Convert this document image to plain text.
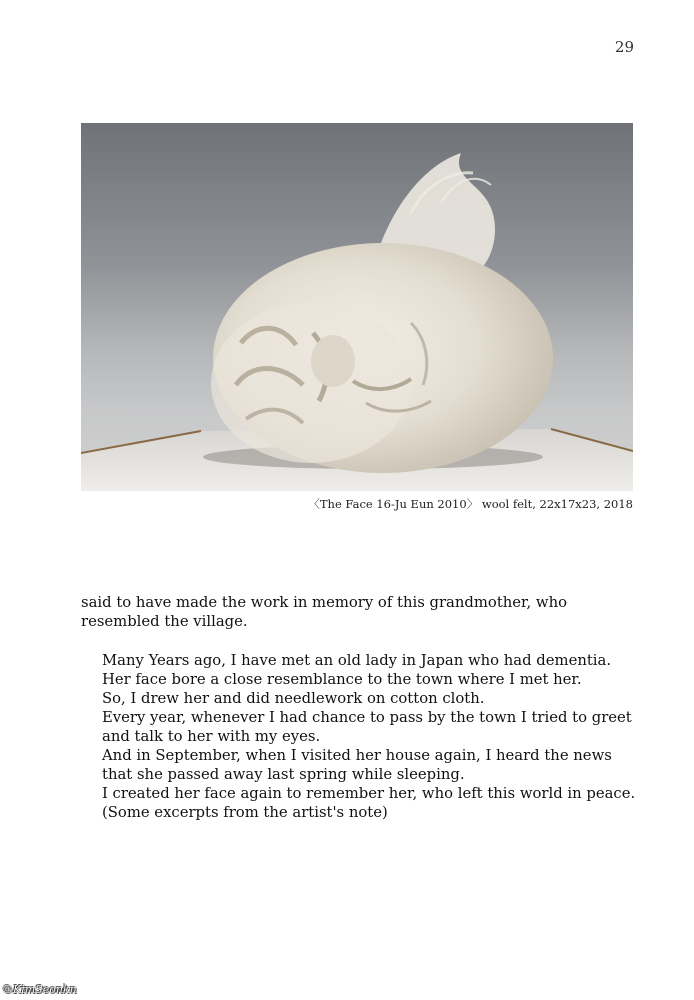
29
〈The Face 16-Ju Eun 2010〉 wool felt, 22x17x23, 2018

said to have made the work in memory of this grandmother, who resembled the village.

Many Years ago, I have met an old lady in Japan who had dementia.

Her face bore a close resemblance to the town where I met her.

So, I drew her and did needlework on cotton cloth.

Every year, whenever I had chance to pass by the town I tried to greet and talk to her with my eyes.

And in September, when I visited her house again, I heard the news that she passed away last spring while sleeping.

I created her face again to remember her, who left this world in peace.

(Some excerpts from the artist's note)

©KimSeonkn
